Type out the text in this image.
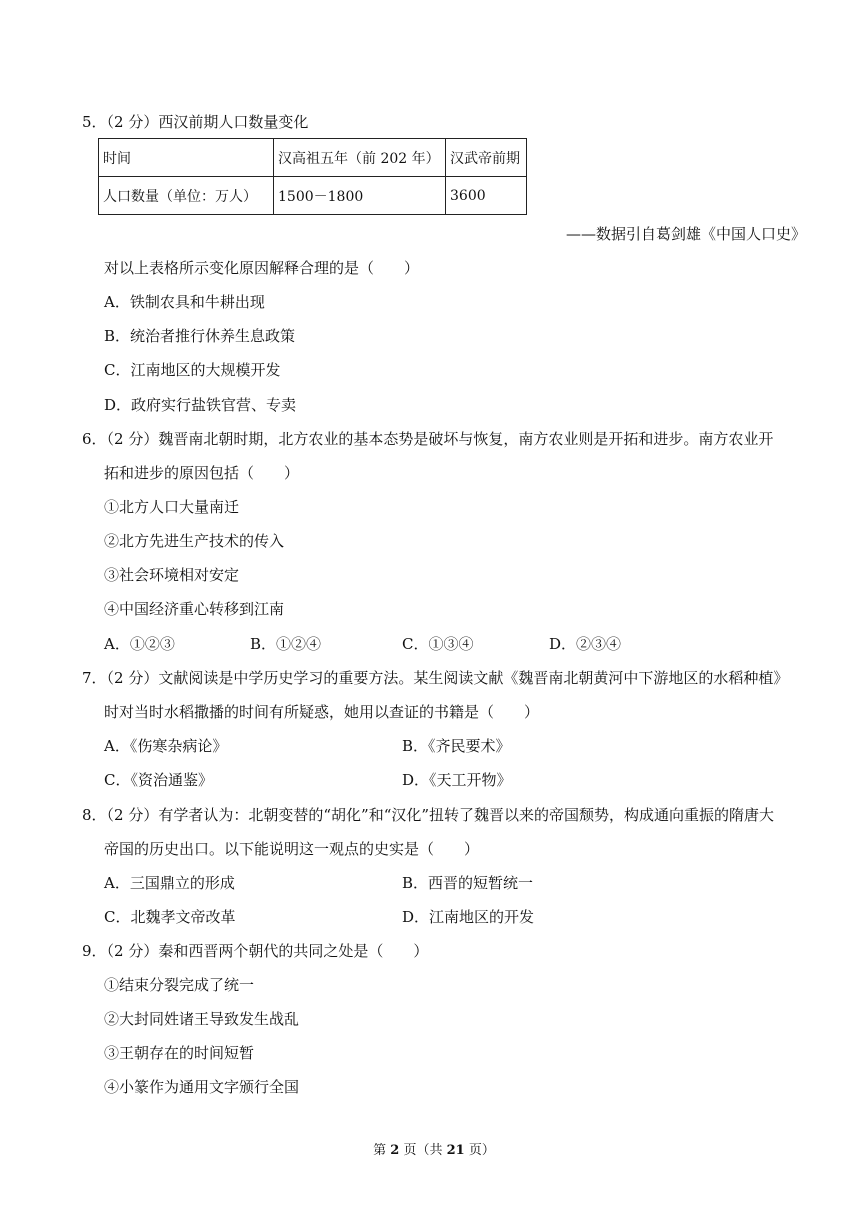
5．（2 分）西汉前期人口数量变化
时间	汉高祖五年（前 202 年）	汉武帝前期
人口数量（单位：万人）	1500－1800	3600
——数据引自葛剑雄《中国人口史》
对以上表格所示变化原因解释合理的是（　　）
A．铁制农具和牛耕出现
B．统治者推行休养生息政策
C．江南地区的大规模开发
D．政府实行盐铁官营、专卖
6．（2 分）魏晋南北朝时期，北方农业的基本态势是破坏与恢复，南方农业则是开拓和进步。南方农业开
拓和进步的原因包括（　　）
①北方人口大量南迁
②北方先进生产技术的传入
③社会环境相对安定
④中国经济重心转移到江南
A．①②③	B．①②④	C．①③④	D．②③④
7．（2 分）文献阅读是中学历史学习的重要方法。某生阅读文献《魏晋南北朝黄河中下游地区的水稻种植》
时对当时水稻撒播的时间有所疑惑，她用以查证的书籍是（　　）
A．《伤寒杂病论》	B．《齐民要术》
C．《资治通鉴》	D．《天工开物》
8．（2 分）有学者认为：北朝变替的“胡化”和“汉化”扭转了魏晋以来的帝国颓势，构成通向重振的隋唐大
帝国的历史出口。以下能说明这一观点的史实是（　　）
A．三国鼎立的形成	B．西晋的短暂统一
C．北魏孝文帝改革	D．江南地区的开发
9．（2 分）秦和西晋两个朝代的共同之处是（　　）
①结束分裂完成了统一
②大封同姓诸王导致发生战乱
③王朝存在的时间短暂
④小篆作为通用文字颁行全国
第 2 页（共 21 页）
